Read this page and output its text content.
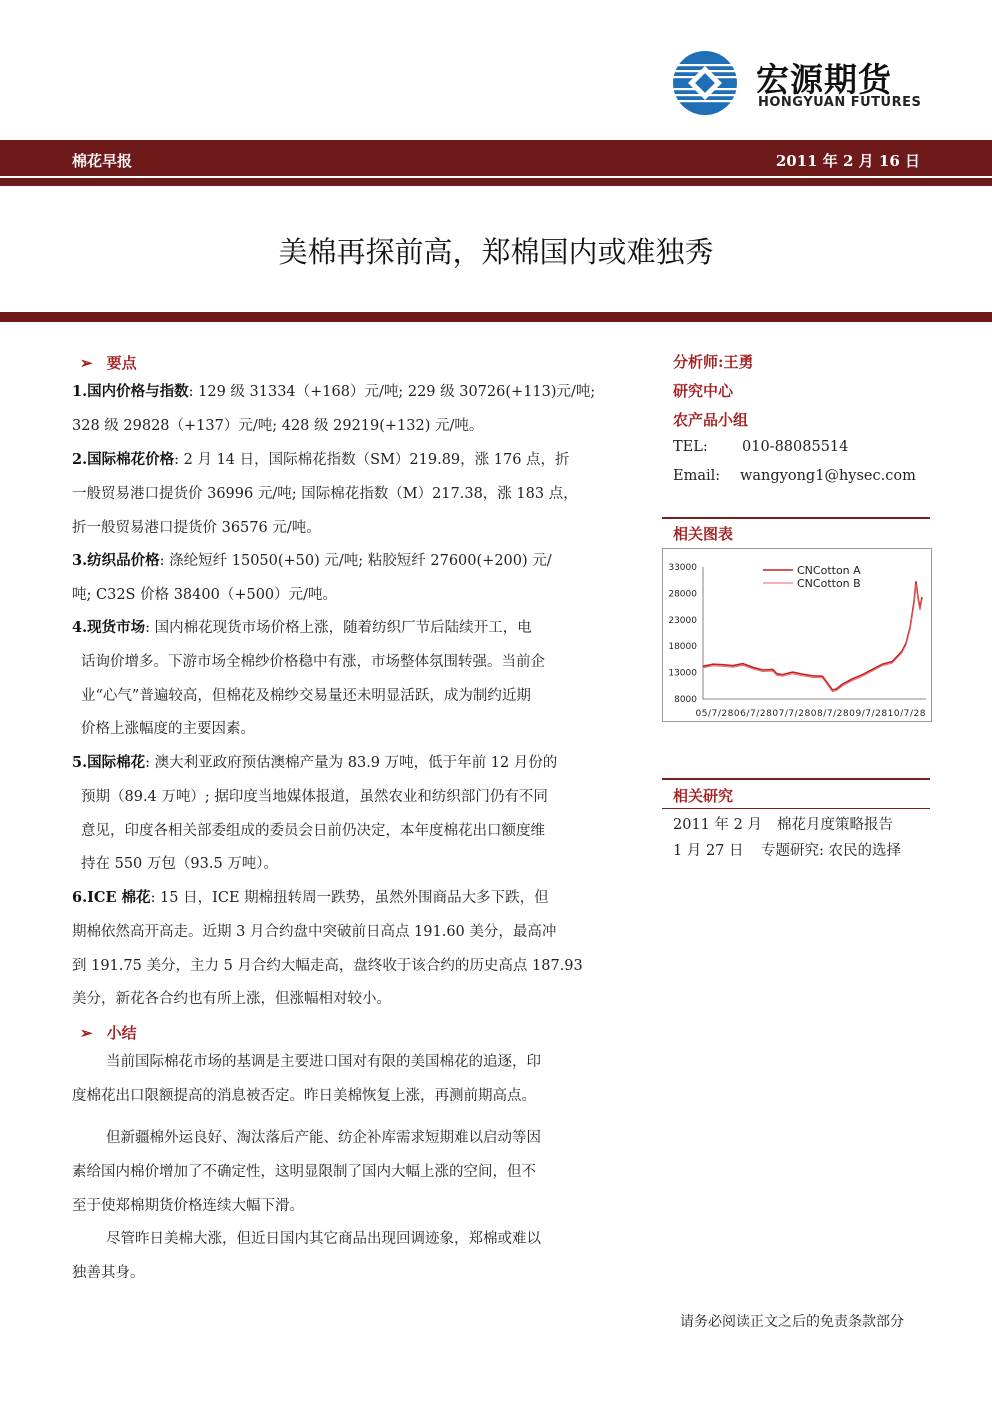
宏源期货
HONGYUAN FUTURES
棉花早报	2011 年 2 月 16 日
美棉再探前高，郑棉国内或难独秀
➢ 要点
1.国内价格与指数: 129 级 31334（+168）元/吨; 229 级 30726(+113)元/吨;
328 级 29828（+137）元/吨; 428 级 29219(+132) 元/吨。
2.国际棉花价格: 2 月 14 日，国际棉花指数（SM）219.89，涨 176 点，折
一般贸易港口提货价 36996 元/吨; 国际棉花指数（M）217.38，涨 183 点，
折一般贸易港口提货价 36576 元/吨。
3.纺织品价格: 涤纶短纤 15050(+50) 元/吨; 粘胶短纤 27600(+200) 元/
吨; C32S 价格 38400（+500）元/吨。
4.现货市场: 国内棉花现货市场价格上涨，随着纺织厂节后陆续开工，电
话询价增多。下游市场全棉纱价格稳中有涨，市场整体氛围转强。当前企
业“心气”普遍较高，但棉花及棉纱交易量还未明显活跃，成为制约近期
价格上涨幅度的主要因素。
5.国际棉花: 澳大利亚政府预估澳棉产量为 83.9 万吨，低于年前 12 月份的
预期（89.4 万吨）; 据印度当地媒体报道，虽然农业和纺织部门仍有不同
意见，印度各相关部委组成的委员会日前仍决定，本年度棉花出口额度维
持在 550 万包（93.5 万吨）。
6.ICE 棉花: 15 日，ICE 期棉扭转周一跌势，虽然外围商品大多下跌，但
期棉依然高开高走。近期 3 月合约盘中突破前日高点 191.60 美分，最高冲
到 191.75 美分，主力 5 月合约大幅走高，盘终收于该合约的历史高点 187.93
美分，新花各合约也有所上涨，但涨幅相对较小。
➢ 小结
当前国际棉花市场的基调是主要进口国对有限的美国棉花的追逐，印
度棉花出口限额提高的消息被否定。昨日美棉恢复上涨，再测前期高点。
但新疆棉外运良好、淘汰落后产能、纺企补库需求短期难以启动等因
素给国内棉价增加了不确定性，这明显限制了国内大幅上涨的空间，但不
至于使郑棉期货价格连续大幅下滑。
尽管昨日美棉大涨，但近日国内其它商品出现回调迹象，郑棉或难以
独善其身。
分析师:王勇
研究中心
农产品小组
TEL: 010-88085514
Email: wangyong1@hysec.com
相关图表
33000
28000
23000
18000
13000
8000
05/7/2806/7/2807/7/2808/7/2809/7/2810/7/28
CNCotton A
CNCotton B
相关研究
2011 年 2 月 棉花月度策略报告
1 月 27 日 专题研究: 农民的选择
请务必阅读正文之后的免责条款部分
